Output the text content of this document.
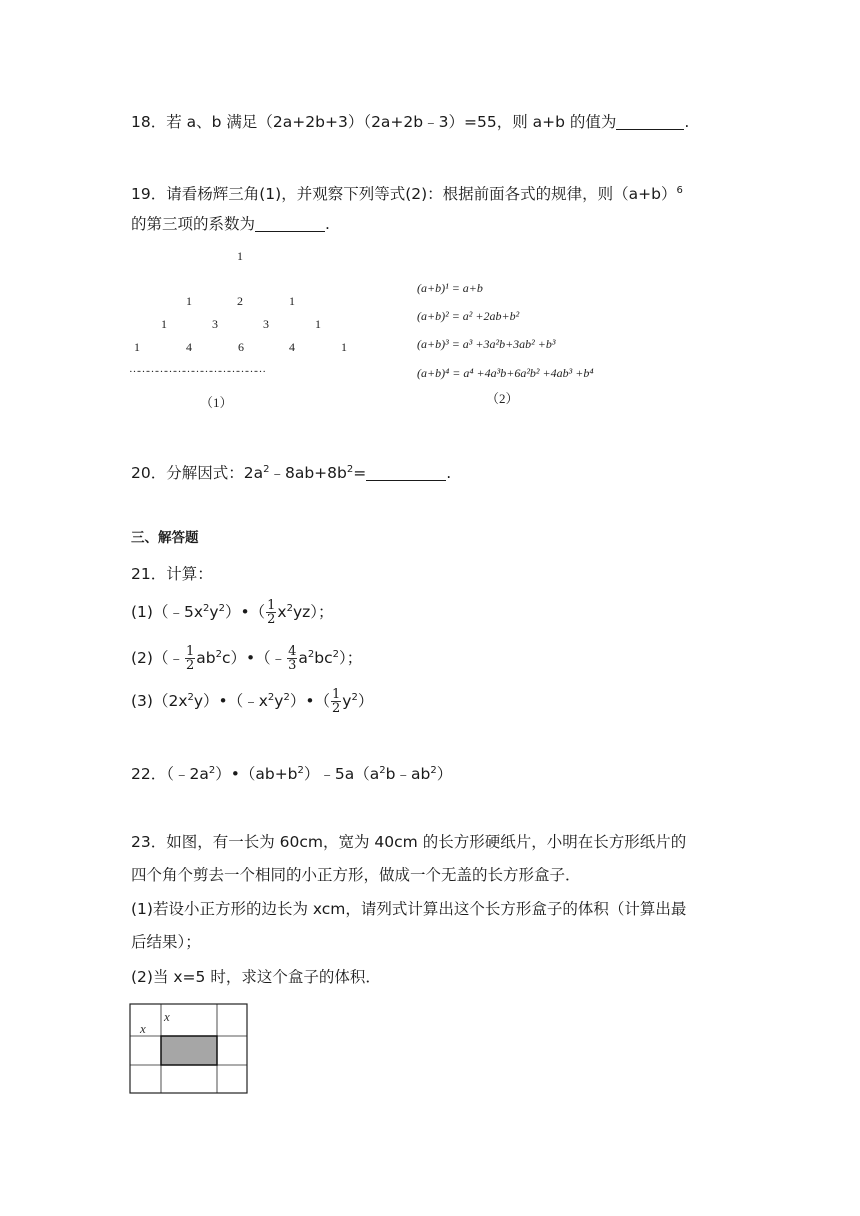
18．若 a、b 满足（2a+2b+3）（2a+2b﹣3）=55，则 a+b 的值为	.
19．请看杨辉三角(1)，并观察下列等式(2)：根据前面各式的规律，则$(a+b)^6$
的第三项的系数为	.
1
1	2	1
1	3	3	1
1	4	6	4	1
………………………………………
（1）
(a+b)¹ = a+b
(a+b)² = a² +2ab+b²
(a+b)³ = a³ +3a²b+3ab² +b³
(a+b)⁴ = a⁴ +4a³b+6a²b² +4ab³ +b⁴
（2）
20．分解因式：$2a^2﹣8ab+8b^2=$	.
三、解答题
21．计算：
$(1)(﹣5x^2y^2)•( \frac{1}{2} x^2yz)$；
(2)（﹣ $\frac{1}{2}$ $ab^2c)•(﹣ \frac{4}{3} a^2bc^2)$；
$(3)(2x^2y)•(﹣x^2y^2)•( \frac{1}{2} y^2)$
22．$(﹣2a^2)•(ab+b^2)﹣5a(a^2b﹣ab^2)$
23．如图，有一长为 60cm，宽为 40cm 的长方形硬纸片，小明在长方形纸片的
四个角个剪去一个相同的小正方形，做成一个无盖的长方形盒子．
(1)若设小正方形的边长为 xcm，请列式计算出这个长方形盒子的体积（计算出最
后结果）；
(2)当 x=5 时，求这个盒子的体积．
x
x
